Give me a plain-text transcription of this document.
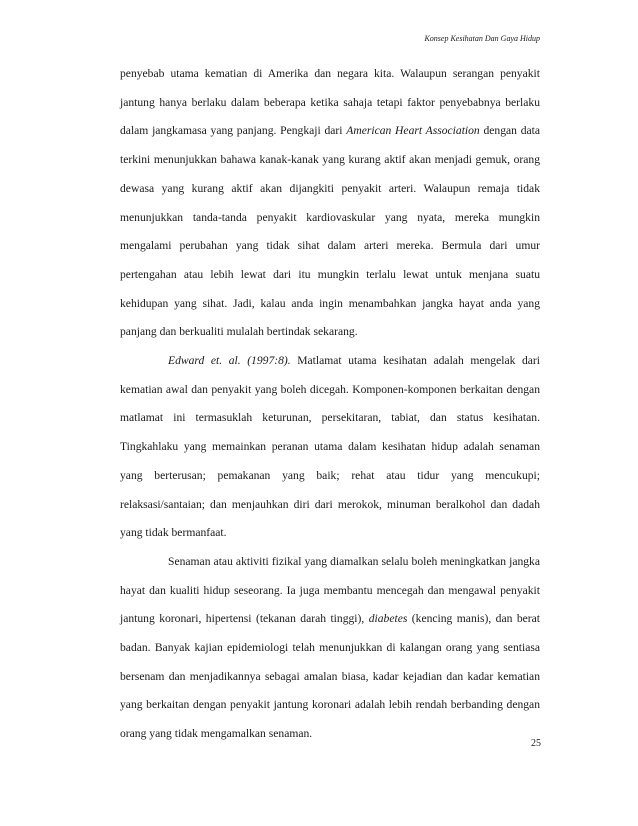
Konsep Kesihatan Dan Gaya Hidup

penyebab utama kematian di Amerika dan negara kita. Walaupun serangan penyakit jantung hanya berlaku dalam beberapa ketika sahaja tetapi faktor penyebabnya berlaku dalam jangkamasa yang panjang. Pengkaji dari American Heart Association dengan data terkini menunjukkan bahawa kanak-kanak yang kurang aktif akan menjadi gemuk, orang dewasa yang kurang aktif akan dijangkiti penyakit arteri. Walaupun remaja tidak menunjukkan tanda-tanda penyakit kardiovaskular yang nyata, mereka mungkin mengalami perubahan yang tidak sihat dalam arteri mereka. Bermula dari umur pertengahan atau lebih lewat dari itu mungkin terlalu lewat untuk menjana suatu kehidupan yang sihat. Jadi, kalau anda ingin menambahkan jangka hayat anda yang panjang dan berkualiti mulalah bertindak sekarang.

Edward et. al. (1997:8). Matlamat utama kesihatan adalah mengelak dari kematian awal dan penyakit yang boleh dicegah. Komponen-komponen berkaitan dengan matlamat ini termasuklah keturunan, persekitaran, tabiat, dan status kesihatan. Tingkahlaku yang memainkan peranan utama dalam kesihatan hidup adalah senaman yang berterusan; pemakanan yang baik; rehat atau tidur yang mencukupi; relaksasi/santaian; dan menjauhkan diri dari merokok, minuman beralkohol dan dadah yang tidak bermanfaat.

Senaman atau aktiviti fizikal yang diamalkan selalu boleh meningkatkan jangka hayat dan kualiti hidup seseorang. Ia juga membantu mencegah dan mengawal penyakit jantung koronari, hipertensi (tekanan darah tinggi), diabetes (kencing manis), dan berat badan. Banyak kajian epidemiologi telah menunjukkan di kalangan orang yang sentiasa bersenam dan menjadikannya sebagai amalan biasa, kadar kejadian dan kadar kematian yang berkaitan dengan penyakit jantung koronari adalah lebih rendah berbanding dengan orang yang tidak mengamalkan senaman.

25
